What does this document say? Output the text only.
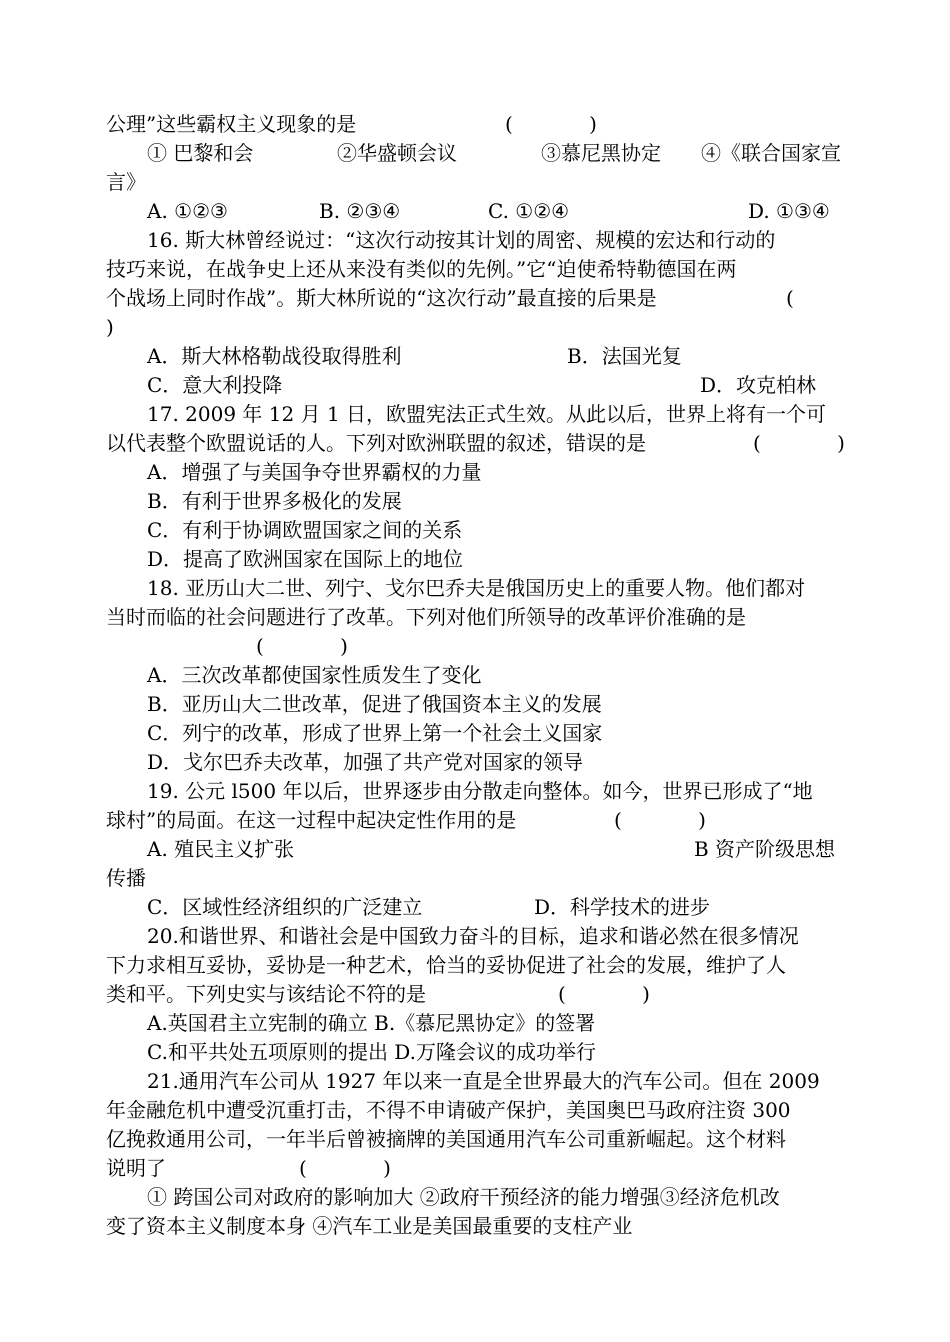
公理”这些霸权主义现象的是	(            )
① 巴黎和会	②华盛顿会议	③慕尼黑协定 ④《联合国家宣
言》
A. ①②③	B. ②③④	C. ①②④	D. ①③④
16. 斯大林曾经说过：“这次行动按其计划的周密、规模的宏达和行动的
技巧来说，在战争史上还从来没有类似的先例。”它“迫使希特勒德国在两
个战场上同时作战”。斯大林所说的“这次行动”最直接的后果是	(
)
A．斯大林格勒战役取得胜利	B．法国光复
C．意大利投降	D．攻克柏林
17. 2009 年 12 月 1 日，欧盟宪法正式生效。从此以后，世界上将有一个可
以代表整个欧盟说话的人。下列对欧洲联盟的叙述，错误的是	(            )
A．增强了与美国争夺世界霸权的力量
B．有利于世界多极化的发展
C．有利于协调欧盟国家之间的关系
D．提高了欧洲国家在国际上的地位
18. 亚历山大二世、列宁、戈尔巴乔夫是俄国历史上的重要人物。他们都对
当时而临的社会问题进行了改革。下列对他们所领导的改革评价准确的是
(            )
A．三次改革都使国家性质发生了变化
B．亚历山大二世改革，促进了俄国资本主义的发展
C．列宁的改革，形成了世界上第一个社会土义国家
D．戈尔巴乔夫改革，加强了共产党对国家的领导
19. 公元 l500 年以后，世界逐步由分散走向整体。如今，世界已形成了“地
球村”的局面。在这一过程中起决定性作用的是	(            )
A. 殖民主义扩张	B 资产阶级思想
传播
C．区域性经济组织的广泛建立	D．科学技术的进步
20.和谐世界、和谐社会是中国致力奋斗的目标，追求和谐必然在很多情况
下力求相互妥协，妥协是一种艺术，恰当的妥协促进了社会的发展，维护了人
类和平。下列史实与该结论不符的是	(            )
A.英国君主立宪制的确立 B.《慕尼黑协定》的签署
C.和平共处五项原则的提出 D.万隆会议的成功举行
21.通用汽车公司从 1927 年以来一直是全世界最大的汽车公司。但在 2009
年金融危机中遭受沉重打击，不得不申请破产保护，美国奥巴马政府注资 300
亿挽救通用公司，一年半后曾被摘牌的美国通用汽车公司重新崛起。这个材料
说明了	(            )
① 跨国公司对政府的影响加大 ②政府干预经济的能力增强③经济危机改
变了资本主义制度本身 ④汽车工业是美国最重要的支柱产业
